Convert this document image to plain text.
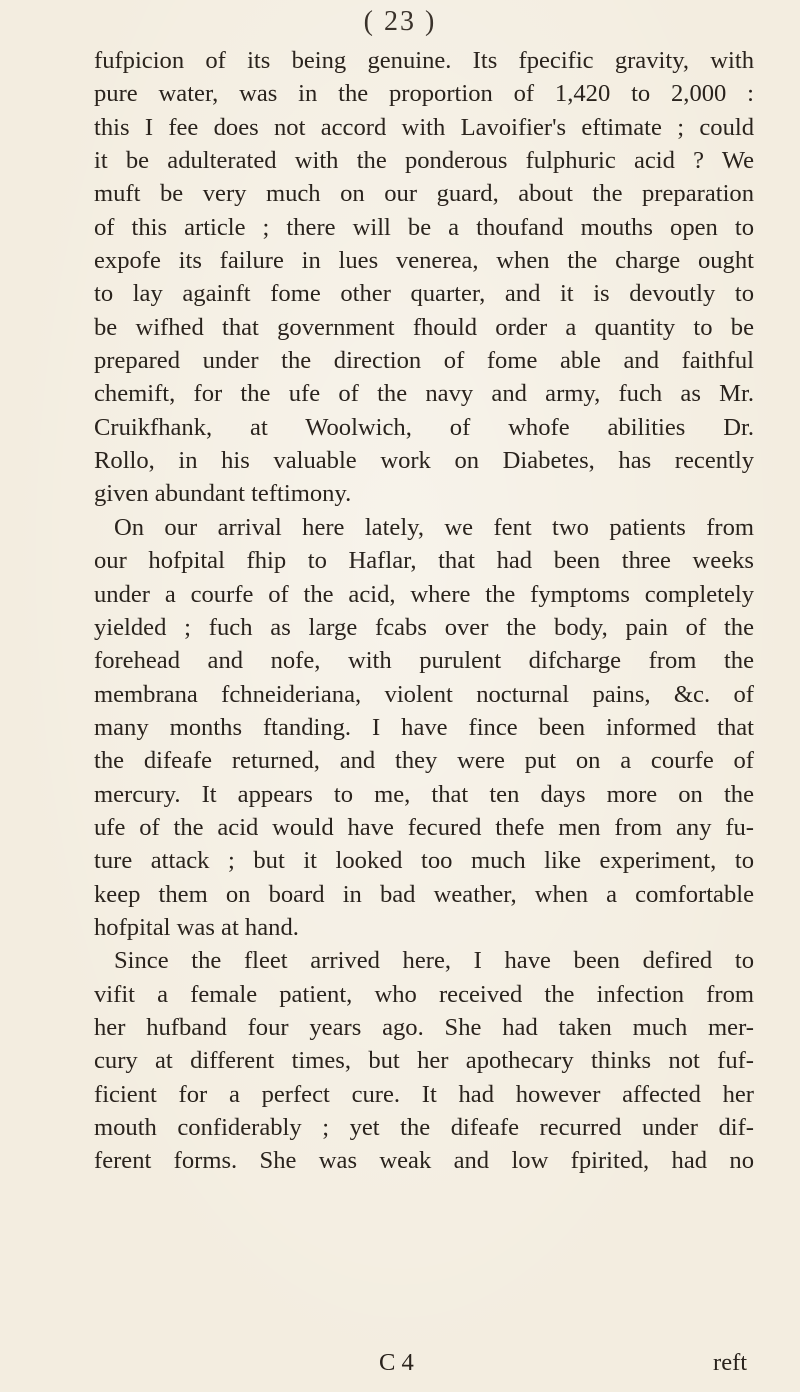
( 23 )
fufpicion of its being genuine. Its fpecific gravity, with
pure water, was in the proportion of 1,420 to 2,000 :
this I fee does not accord with Lavoifier's eftimate ; could
it be adulterated with the ponderous fulphuric acid ? We
muft be very much on our guard, about the preparation
of this article ; there will be a thoufand mouths open to
expofe its failure in lues venerea, when the charge ought
to lay againft fome other quarter, and it is devoutly to
be wifhed that government fhould order a quantity to be
prepared under the direction of fome able and faithful
chemift, for the ufe of the navy and army, fuch as Mr.
Cruikfhank, at Woolwich, of whofe abilities Dr.
Rollo, in his valuable work on Diabetes, has recently
given abundant teftimony.
On our arrival here lately, we fent two patients from
our hofpital fhip to Haflar, that had been three weeks
under a courfe of the acid, where the fymptoms completely
yielded ; fuch as large fcabs over the body, pain of the
forehead and nofe, with purulent difcharge from the
membrana fchneideriana, violent nocturnal pains, &c. of
many months ftanding. I have fince been informed that
the difeafe returned, and they were put on a courfe of
mercury. It appears to me, that ten days more on the
ufe of the acid would have fecured thefe men from any fu-
ture attack ; but it looked too much like experiment, to
keep them on board in bad weather, when a comfortable
hofpital was at hand.
Since the fleet arrived here, I have been defired to
vifit a female patient, who received the infection from
her hufband four years ago. She had taken much mer-
cury at different times, but her apothecary thinks not fuf-
ficient for a perfect cure. It had however affected her
mouth confiderably ; yet the difeafe recurred under dif-
ferent forms. She was weak and low fpirited, had no
C 4	reft
